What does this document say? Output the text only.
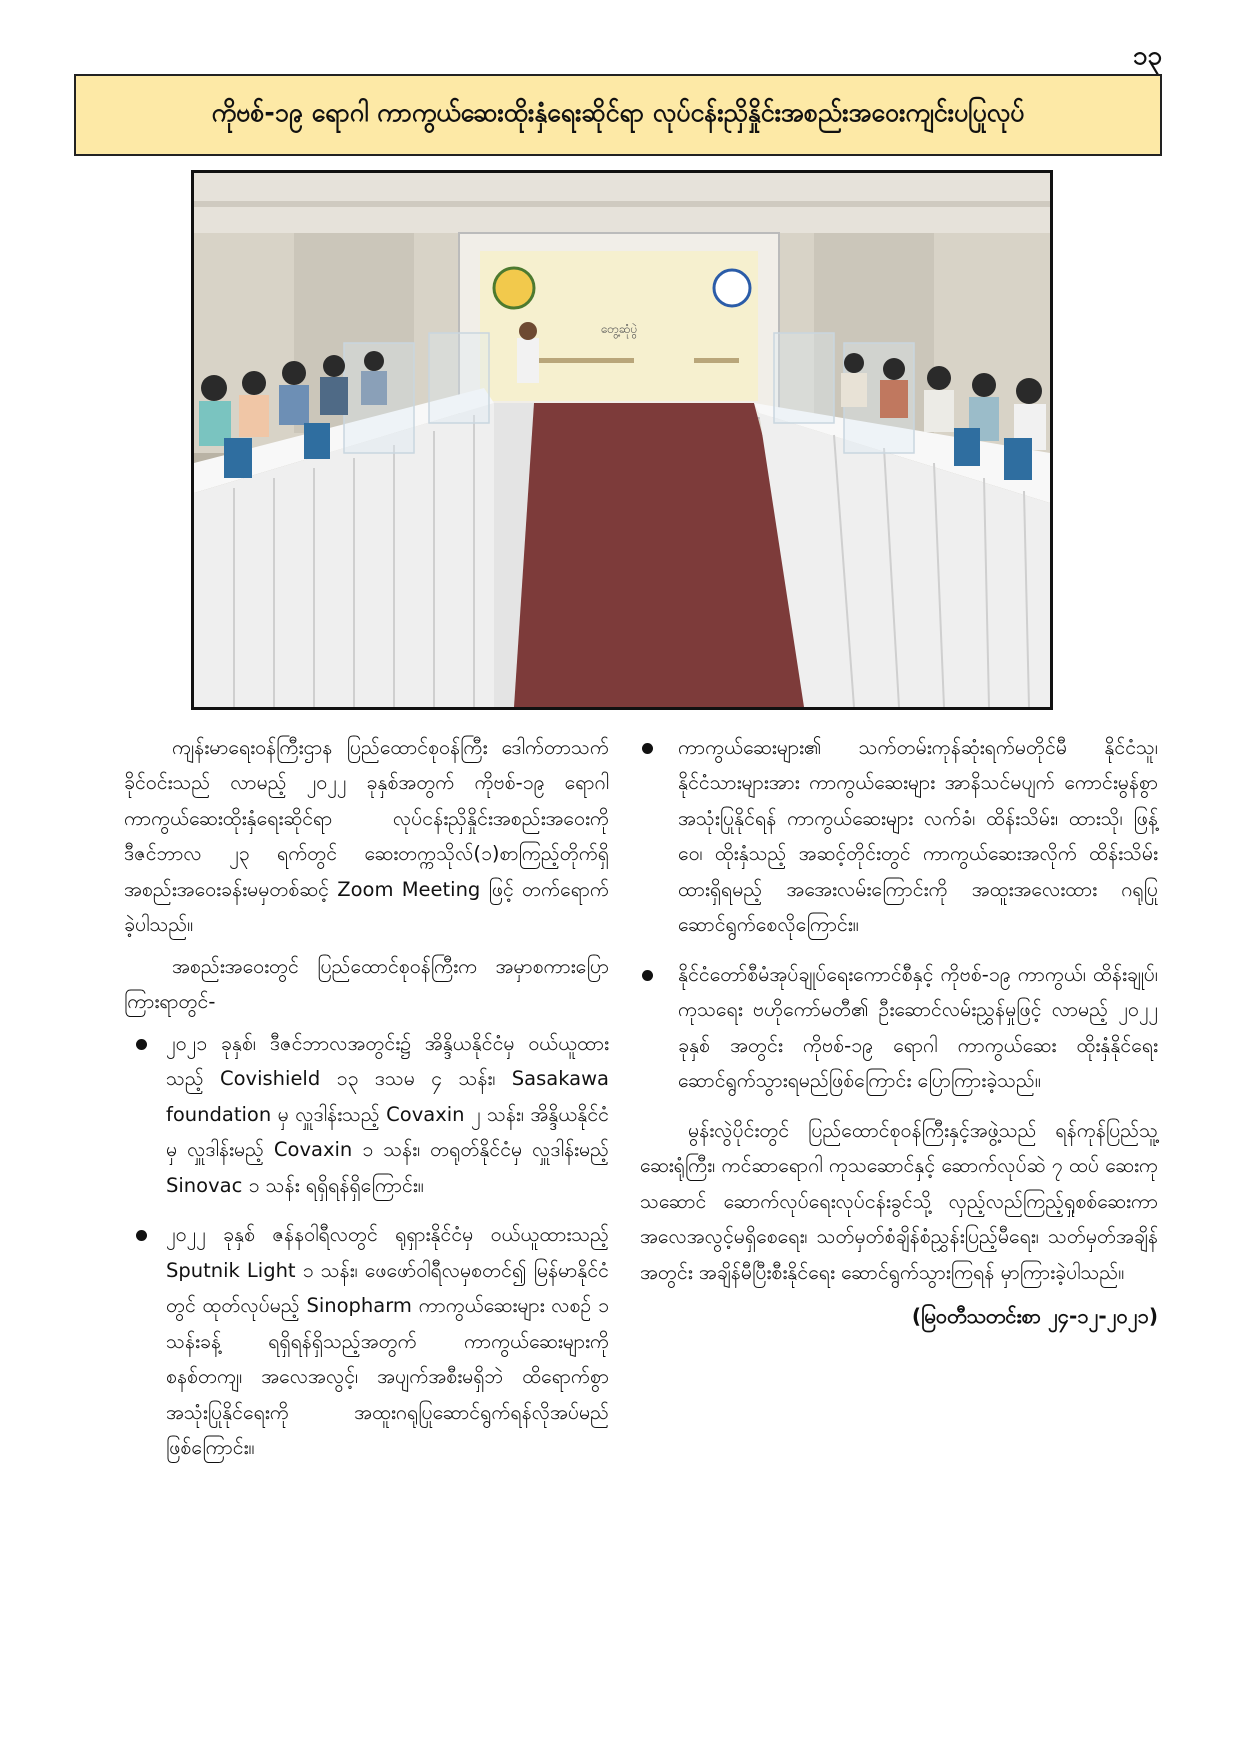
၁၃
ကိုဗစ်-၁၉ ရောဂါ ကာကွယ်ဆေးထိုးနှံရေးဆိုင်ရာ လုပ်ငန်းညှိနှိုင်းအစည်းအဝေးကျင်းပပြုလုပ်
တွေ့ဆုံပွဲ

ကျန်းမာရေးဝန်ကြီးဌာန ပြည်ထောင်စုဝန်ကြီး ဒေါက်တာသက်ခိုင်ဝင်းသည် လာမည့် ၂၀၂၂ ခုနှစ်အတွက် ကိုဗစ်-၁၉ ရောဂါကာကွယ်ဆေးထိုးနှံရေးဆိုင်ရာ လုပ်ငန်းညှိနှိုင်းအစည်းအဝေးကို ဒီဇင်ဘာလ ၂၃ ရက်တွင် ဆေးတက္ကသိုလ်(၁)စာကြည့်တိုက်ရှိ အစည်းအဝေးခန်းမမှတစ်ဆင့် Zoom Meeting ဖြင့် တက်ရောက်ခဲ့ပါသည်။

အစည်းအဝေးတွင် ပြည်ထောင်စုဝန်ကြီးက အမှာစကားပြောကြားရာတွင်-

၂၀၂၁ ခုနှစ်၊ ဒီဇင်ဘာလအတွင်း၌ အိန္ဒိယနိုင်ငံမှ ဝယ်ယူထားသည့် Covishield ၁၃ ဒသမ ၄ သန်း၊ Sasakawa foundation မှ လှူဒါန်းသည့် Covaxin ၂ သန်း၊ အိန္ဒိယနိုင်ငံမှ လှူဒါန်းမည့် Covaxin ၁ သန်း၊ တရုတ်နိုင်ငံမှ လှူဒါန်းမည့် Sinovac ၁ သန်း ရရှိရန်ရှိကြောင်း။
၂၀၂၂ ခုနှစ် ဇန်နဝါရီလတွင် ရုရှားနိုင်ငံမှ ဝယ်ယူထားသည့် Sputnik Light ၁ သန်း၊ ဖေဖော်ဝါရီလမှစတင်၍ မြန်မာနိုင်ငံတွင် ထုတ်လုပ်မည့် Sinopharm ကာကွယ်ဆေးများ လစဉ် ၁ သန်းခန့် ရရှိရန်ရှိသည့်အတွက် ကာကွယ်ဆေးများကို စနစ်တကျ၊ အလေအလွင့်၊ အပျက်အစီးမရှိဘဲ ထိရောက်စွာအသုံးပြုနိုင်ရေးကို အထူးဂရုပြုဆောင်ရွက်ရန်လိုအပ်မည်ဖြစ်ကြောင်း။
ကာကွယ်ဆေးများ၏ သက်တမ်းကုန်ဆုံးရက်မတိုင်မီ နိုင်ငံသူ၊ နိုင်ငံသားများအား ကာကွယ်ဆေးများ အာနိသင်မပျက် ကောင်းမွန်စွာအသုံးပြုနိုင်ရန် ကာကွယ်ဆေးများ လက်ခံ၊ ထိန်းသိမ်း၊ ထားသို၊ ဖြန့်ဝေ၊ ထိုးနှံသည့် အဆင့်တိုင်းတွင် ကာကွယ်ဆေးအလိုက် ထိန်းသိမ်းထားရှိရမည့် အအေးလမ်းကြောင်းကို အထူးအလေးထား ဂရုပြုဆောင်ရွက်စေလိုကြောင်း။
နိုင်ငံတော်စီမံအုပ်ချုပ်ရေးကောင်စီနှင့် ကိုဗစ်-၁၉ ကာကွယ်၊ ထိန်းချုပ်၊ ကုသရေး ဗဟိုကော်မတီ၏ ဦးဆောင်လမ်းညွှန်မှုဖြင့် လာမည့် ၂၀၂၂ ခုနှစ် အတွင်း ကိုဗစ်-၁၉ ရောဂါ ကာကွယ်ဆေး ထိုးနှံနိုင်ရေးဆောင်ရွက်သွားရမည်ဖြစ်ကြောင်း ပြောကြားခဲ့သည်။

မွန်းလွဲပိုင်းတွင် ပြည်ထောင်စုဝန်ကြီးနှင့်အဖွဲ့သည် ရန်ကုန်ပြည်သူ့ဆေးရုံကြီး၊ ကင်ဆာရောဂါ ကုသဆောင်နှင့် ဆောက်လုပ်ဆဲ ၇ ထပ် ဆေးကုသဆောင် ဆောက်လုပ်ရေးလုပ်ငန်းခွင်သို့ လှည့်လည်ကြည့်ရှုစစ်ဆေးကာ အလေအလွင့်မရှိစေရေး၊ သတ်မှတ်စံချိန်စံညွှန်းပြည့်မီရေး၊ သတ်မှတ်အချိန်အတွင်း အချိန်မီပြီးစီးနိုင်ရေး ဆောင်ရွက်သွားကြရန် မှာကြားခဲ့ပါသည်။

(မြဝတီသတင်းစာ ၂၄-၁၂-၂၀၂၁)
